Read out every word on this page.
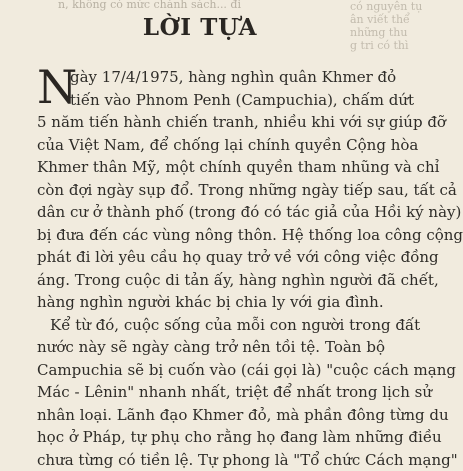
n, không có mức chánh sách... đi	có nguyên tụ
ân viết thể
những thu
g tri có thì
LỜI TỰA
N
gày 17/4/1975, hàng nghìn quân Khmer đỏ
tiến vào Phnom Penh (Campuchia), chấm dứt
5 năm tiến hành chiến tranh, nhiều khi với sự giúp đỡ
của Việt Nam, để chống lại chính quyền Cộng hòa
Khmer thân Mỹ, một chính quyền tham nhũng và chỉ
còn đợi ngày sụp đổ. Trong những ngày tiếp sau, tất cả
dân cư ở thành phố (trong đó có tác giả của Hồi ký này)
bị đưa đến các vùng nông thôn. Hệ thống loa công cộng
phát đi lời yêu cầu họ quay trở về với công việc đồng
áng. Trong cuộc di tản ấy, hàng nghìn người đã chết,
hàng nghìn người khác bị chia ly với gia đình.
Kể từ đó, cuộc sống của mỗi con người trong đất
nước này sẽ ngày càng trở nên tồi tệ. Toàn bộ
Campuchia sẽ bị cuốn vào (cái gọi là) "cuộc cách mạng
Mác - Lênin" nhanh nhất, triệt để nhất trong lịch sử
nhân loại. Lãnh đạo Khmer đỏ, mà phần đông từng du
học ở Pháp, tự phụ cho rằng họ đang làm những điều
chưa từng có tiền lệ. Tự phong là "Tổ chức Cách mạng"
